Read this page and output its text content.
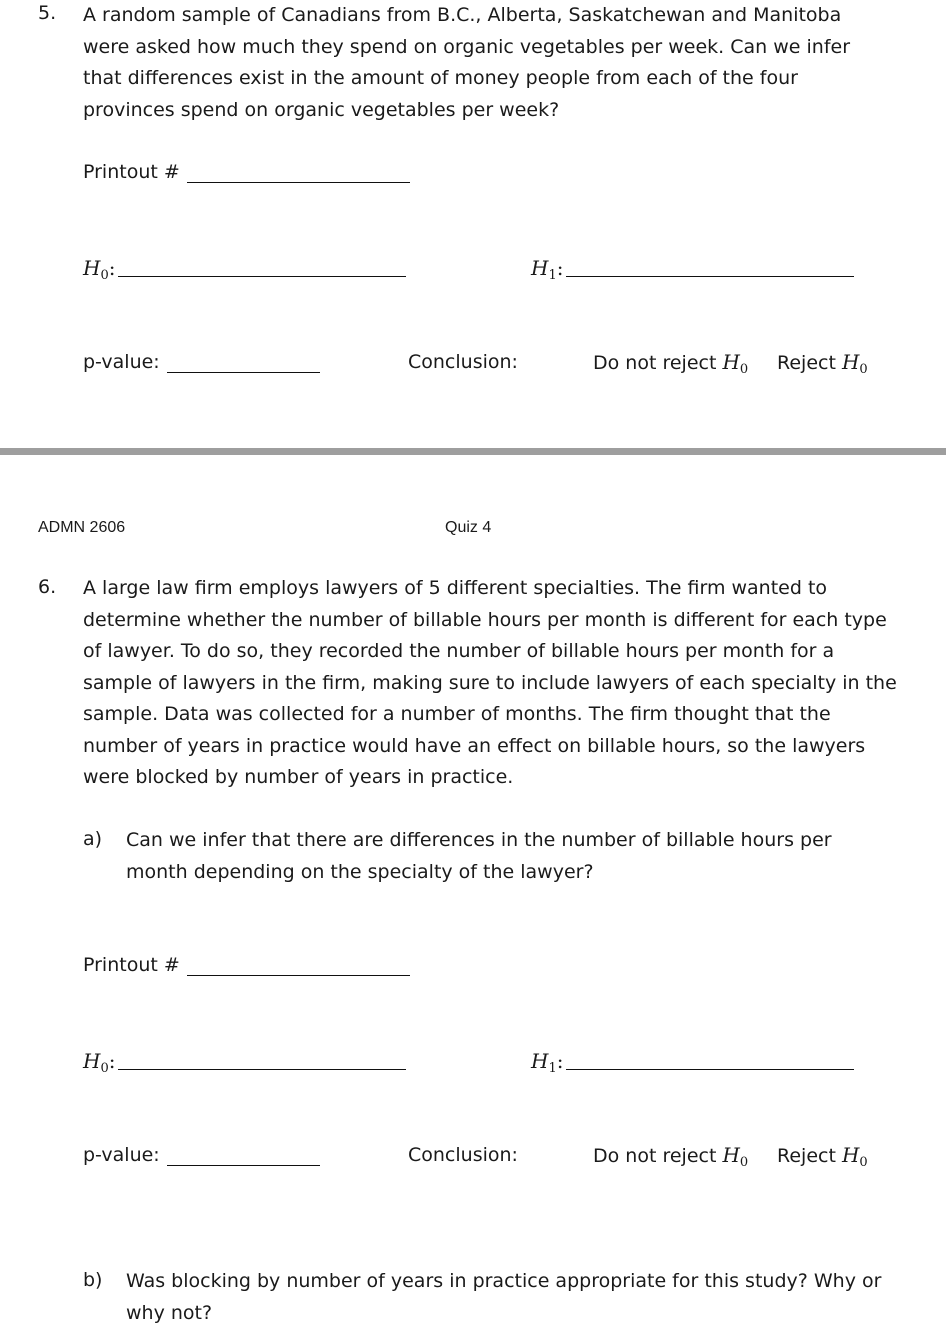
5. A random sample of Canadians from B.C., Alberta, Saskatchewan and Manitoba were asked how much they spend on organic vegetables per week. Can we infer that differences exist in the amount of money people from each of the four provinces spend on organic vegetables per week?
Printout #
$H_0$:	$H_1$:
p-value:	Conclusion:	Do not reject $H_0$ Reject $H_0$
ADMN 2606	Quiz 4
6. A large law firm employs lawyers of 5 different specialties. The firm wanted to determine whether the number of billable hours per month is different for each type of lawyer. To do so, they recorded the number of billable hours per month for a sample of lawyers in the firm, making sure to include lawyers of each specialty in the sample. Data was collected for a number of months. The firm thought that the number of years in practice would have an effect on billable hours, so the lawyers were blocked by number of years in practice.
a) Can we infer that there are differences in the number of billable hours per month depending on the specialty of the lawyer?
Printout #
$H_0$:	$H_1$:
p-value:	Conclusion:	Do not reject $H_0$ Reject $H_0$
b) Was blocking by number of years in practice appropriate for this study? Why or why not?
